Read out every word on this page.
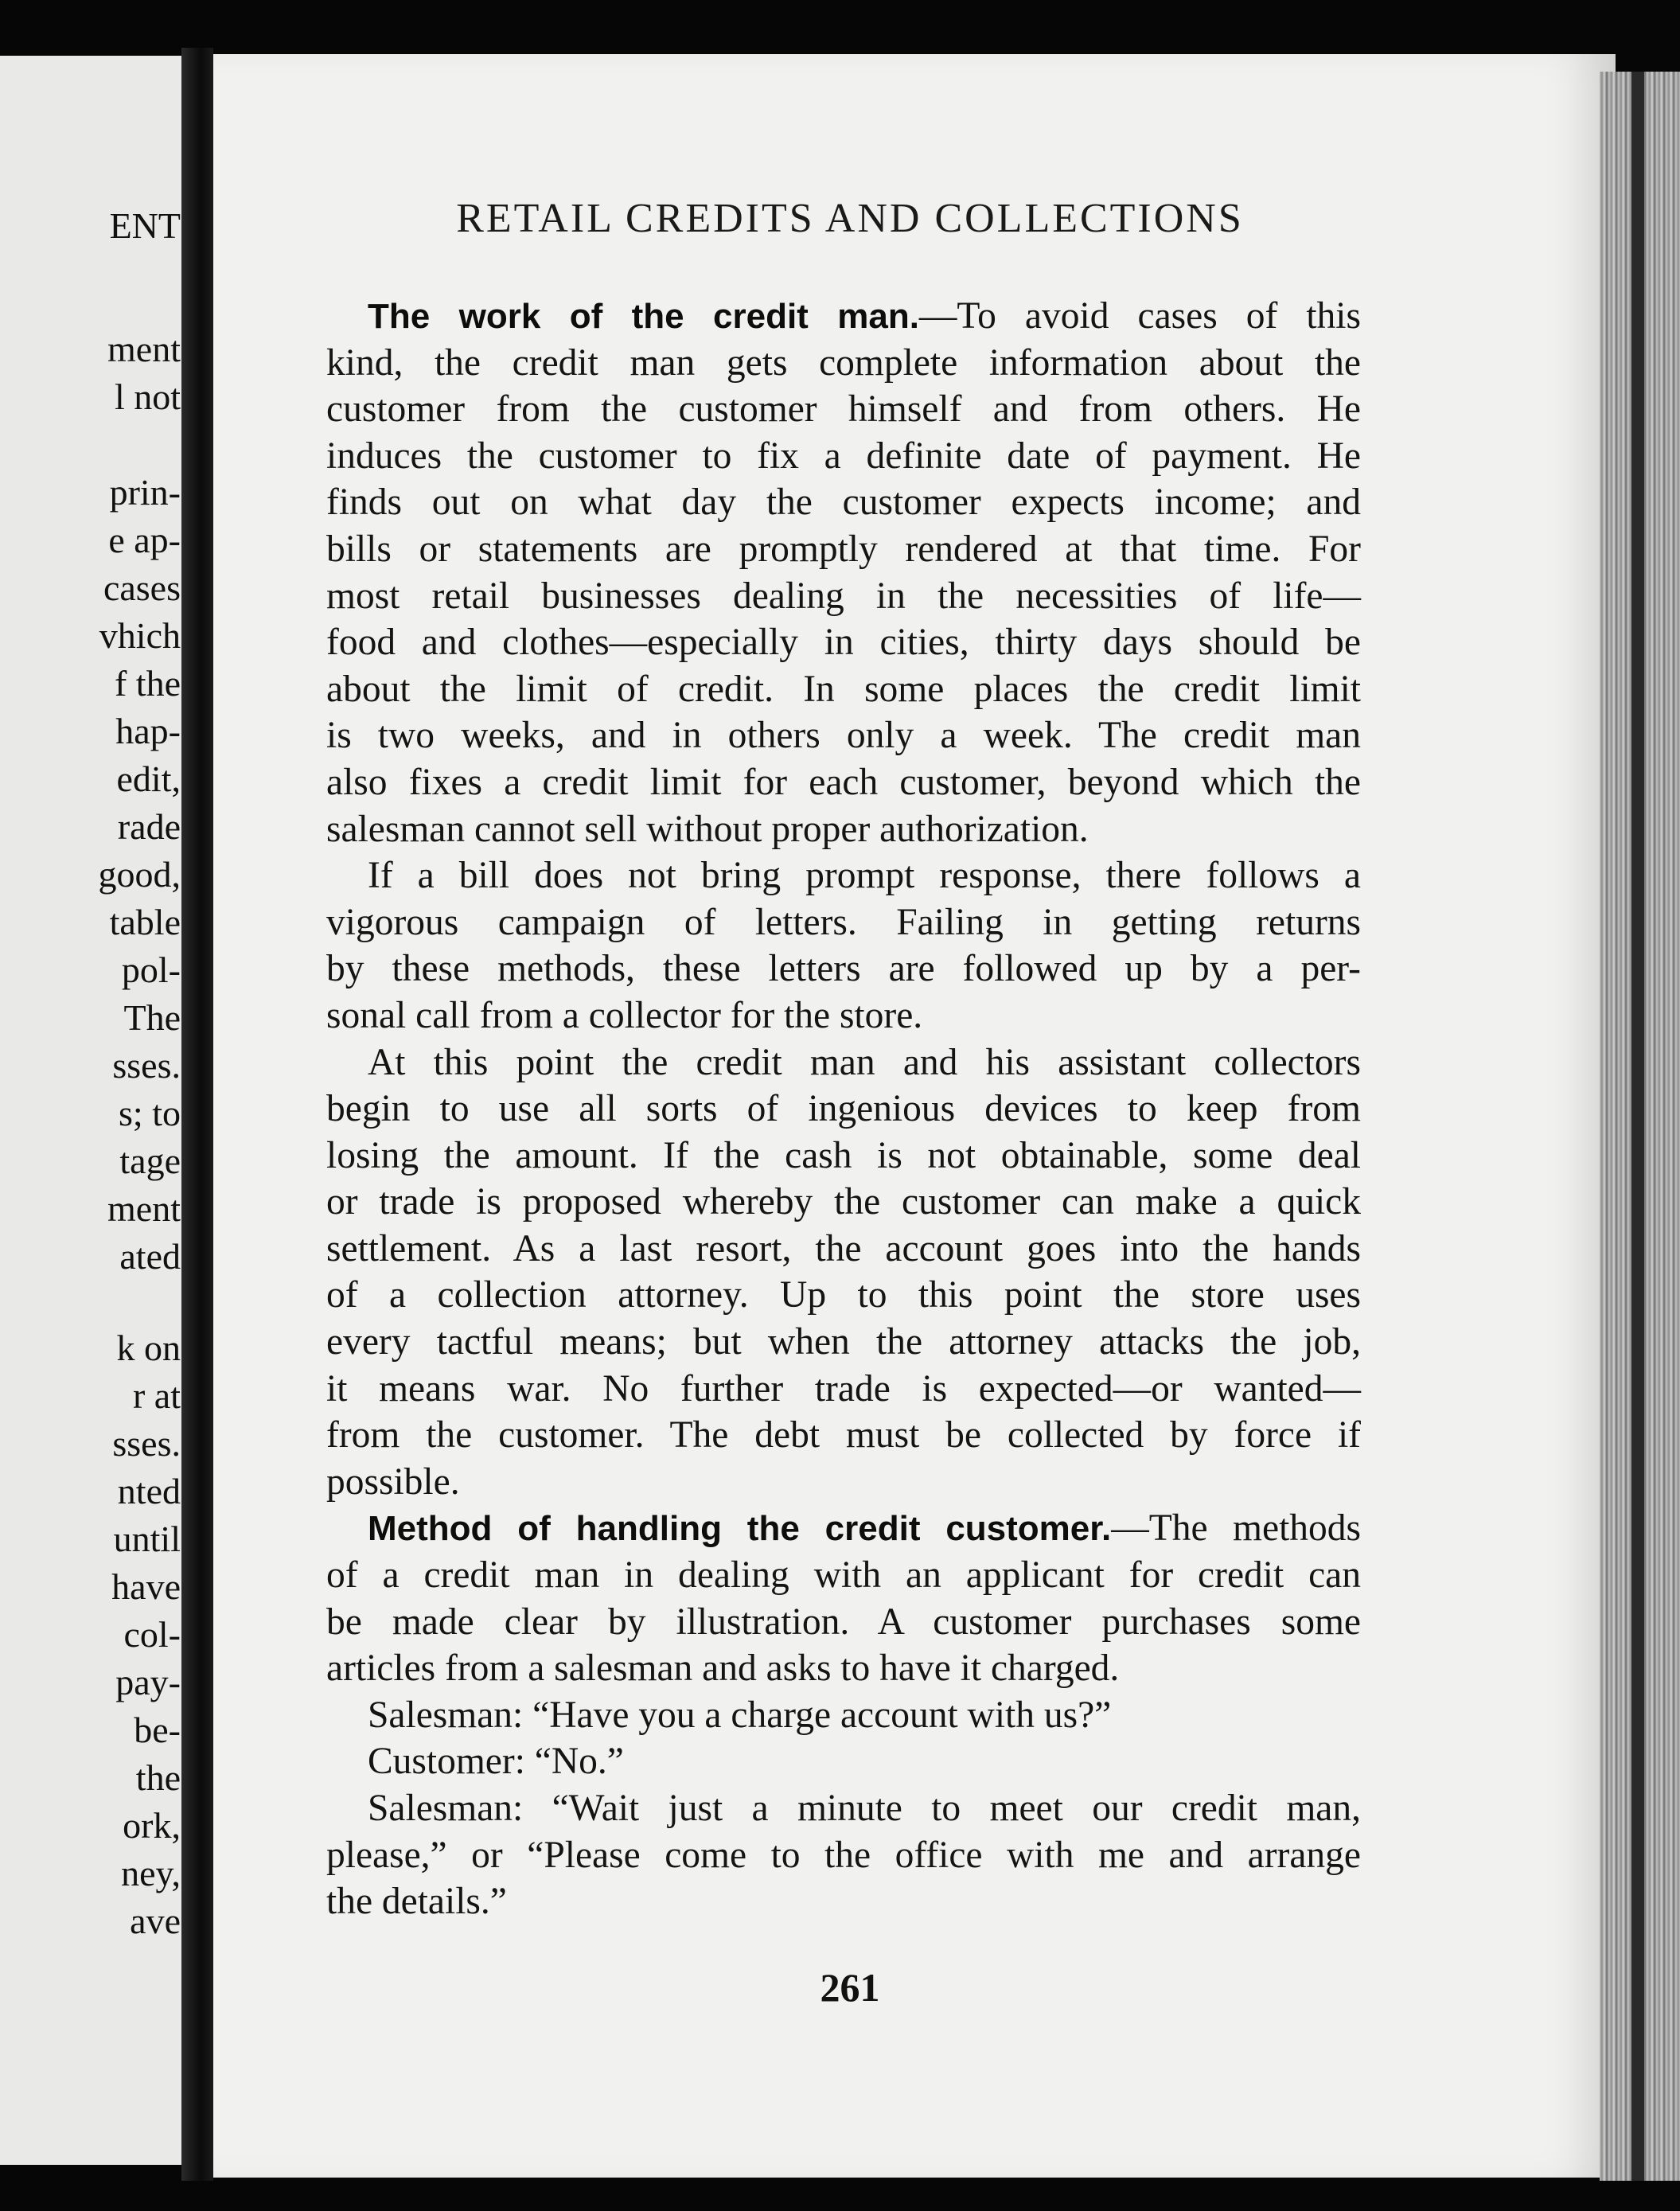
ENT
ment
l not
prin-
e ap-
cases
vhich
f the
hap-
edit,
rade
good,
table
pol-
The
sses.
s; to
tage
ment
ated
k on
r at
sses.
nted
until
have
col-
pay-
be-
the
ork,
ney,
ave
RETAIL CREDITS AND COLLECTIONS
The work of the credit man.—To avoid cases of this
kind, the credit man gets complete information about the
customer from the customer himself and from others. He
induces the customer to fix a definite date of payment. He
finds out on what day the customer expects income; and
bills or statements are promptly rendered at that time. For
most retail businesses dealing in the necessities of life—
food and clothes—especially in cities, thirty days should be
about the limit of credit. In some places the credit limit
is two weeks, and in others only a week. The credit man
also fixes a credit limit for each customer, beyond which the
salesman cannot sell without proper authorization.
If a bill does not bring prompt response, there follows a
vigorous campaign of letters. Failing in getting returns
by these methods, these letters are followed up by a per-
sonal call from a collector for the store.
At this point the credit man and his assistant collectors
begin to use all sorts of ingenious devices to keep from
losing the amount. If the cash is not obtainable, some deal
or trade is proposed whereby the customer can make a quick
settlement. As a last resort, the account goes into the hands
of a collection attorney. Up to this point the store uses
every tactful means; but when the attorney attacks the job,
it means war. No further trade is expected—or wanted—
from the customer. The debt must be collected by force if
possible.
Method of handling the credit customer.—The methods
of a credit man in dealing with an applicant for credit can
be made clear by illustration. A customer purchases some
articles from a salesman and asks to have it charged.
Salesman: “Have you a charge account with us?”
Customer: “No.”
Salesman: “Wait just a minute to meet our credit man,
please,” or “Please come to the office with me and arrange
the details.”
261
